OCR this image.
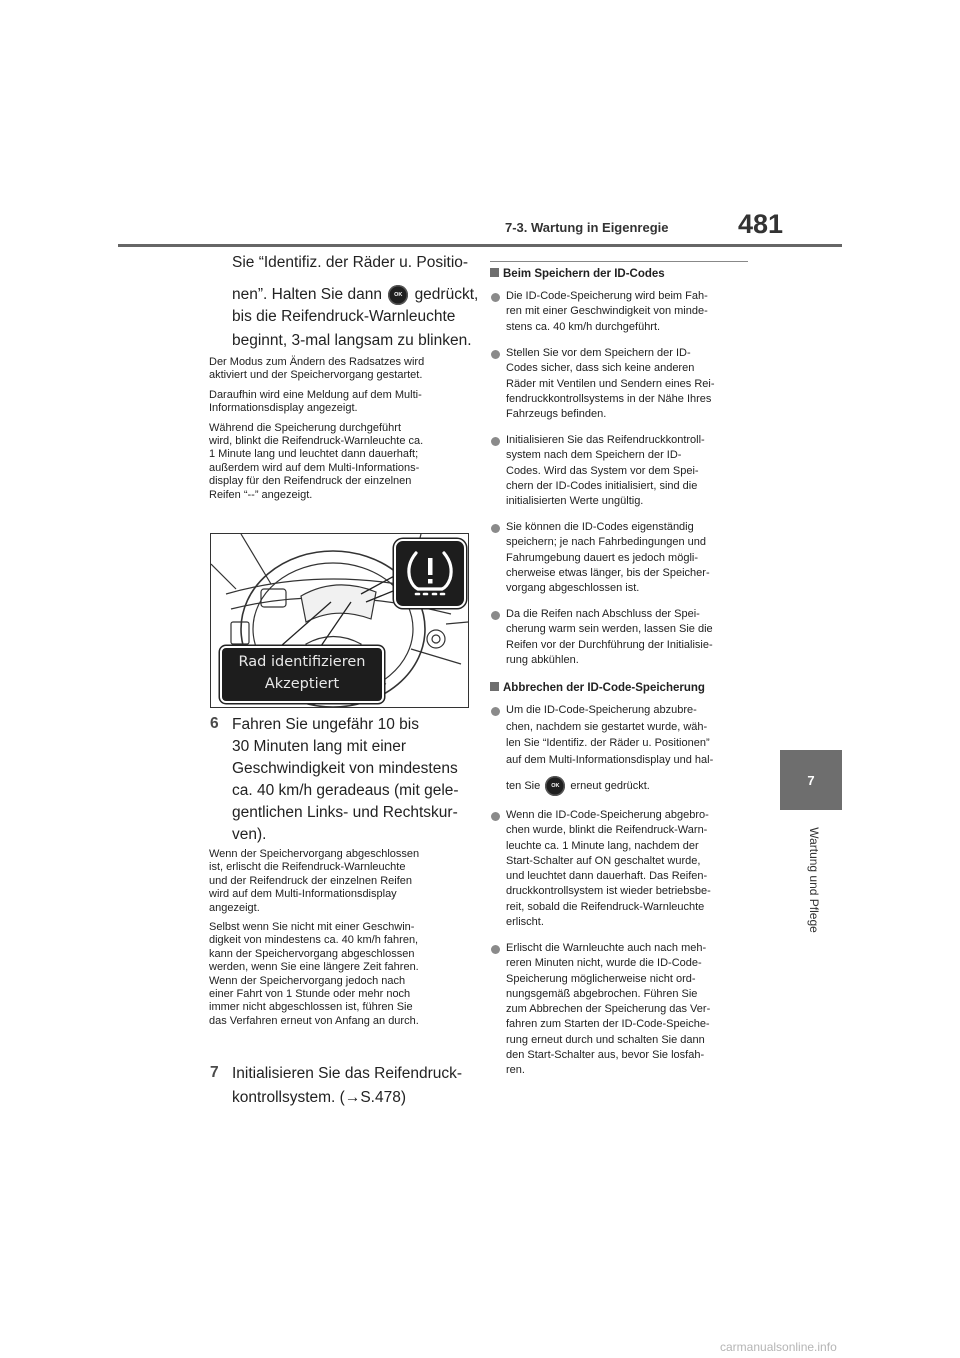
7-3. Wartung in Eigenregie	481
7
Wartung und Pflege
Sie “Identifiz. der Räder u. Positio-
nen”. Halten Sie dann OK gedrückt,
bis die Reifendruck-Warnleuchte
beginnt, 3-mal langsam zu blinken.
Der Modus zum Ändern des Radsatzes wird
aktiviert und der Speichervorgang gestartet.
Daraufhin wird eine Meldung auf dem Multi-
Informationsdisplay angezeigt.
Während die Speicherung durchgeführt
wird, blinkt die Reifendruck-Warnleuchte ca.
1 Minute lang und leuchtet dann dauerhaft;
außerdem wird auf dem Multi-Informations-
display für den Reifendruck der einzelnen
Reifen “--” angezeigt.
Rad identifizieren
Akzeptiert
6 Fahren Sie ungefähr 10 bis
30 Minuten lang mit einer
Geschwindigkeit von mindestens
ca. 40 km/h geradeaus (mit gele-
gentlichen Links- und Rechtskur-
ven).
Wenn der Speichervorgang abgeschlossen
ist, erlischt die Reifendruck-Warnleuchte
und der Reifendruck der einzelnen Reifen
wird auf dem Multi-Informationsdisplay
angezeigt.
Selbst wenn Sie nicht mit einer Geschwin-
digkeit von mindestens ca. 40 km/h fahren,
kann der Speichervorgang abgeschlossen
werden, wenn Sie eine längere Zeit fahren.
Wenn der Speichervorgang jedoch nach
einer Fahrt von 1 Stunde oder mehr noch
immer nicht abgeschlossen ist, führen Sie
das Verfahren erneut von Anfang an durch.
7 Initialisieren Sie das Reifendruck-
kontrollsystem. (→S.478)
Beim Speichern der ID-Codes
Die ID-Code-Speicherung wird beim Fah-
ren mit einer Geschwindigkeit von minde-
stens ca. 40 km/h durchgeführt.
Stellen Sie vor dem Speichern der ID-
Codes sicher, dass sich keine anderen
Räder mit Ventilen und Sendern eines Rei-
fendruckkontrollsystems in der Nähe Ihres
Fahrzeugs befinden.
Initialisieren Sie das Reifendruckkontroll-
system nach dem Speichern der ID-
Codes. Wird das System vor dem Spei-
chern der ID-Codes initialisiert, sind die
initialisierten Werte ungültig.
Sie können die ID-Codes eigenständig
speichern; je nach Fahrbedingungen und
Fahrumgebung dauert es jedoch mögli-
cherweise etwas länger, bis der Speicher-
vorgang abgeschlossen ist.
Da die Reifen nach Abschluss der Spei-
cherung warm sein werden, lassen Sie die
Reifen vor der Durchführung der Initialisie-
rung abkühlen.
Abbrechen der ID-Code-Speicherung
Um die ID-Code-Speicherung abzubre-
chen, nachdem sie gestartet wurde, wäh-
len Sie “Identifiz. der Räder u. Positionen”
auf dem Multi-Informationsdisplay und hal-
ten Sie OK erneut gedrückt.
Wenn die ID-Code-Speicherung abgebro-
chen wurde, blinkt die Reifendruck-Warn-
leuchte ca. 1 Minute lang, nachdem der
Start-Schalter auf ON geschaltet wurde,
und leuchtet dann dauerhaft. Das Reifen-
druckkontrollsystem ist wieder betriebsbe-
reit, sobald die Reifendruck-Warnleuchte
erlischt.
Erlischt die Warnleuchte auch nach meh-
reren Minuten nicht, wurde die ID-Code-
Speicherung möglicherweise nicht ord-
nungsgemäß abgebrochen. Führen Sie
zum Abbrechen der Speicherung das Ver-
fahren zum Starten der ID-Code-Speiche-
rung erneut durch und schalten Sie dann
den Start-Schalter aus, bevor Sie losfah-
ren.
carmanualsonline.info
